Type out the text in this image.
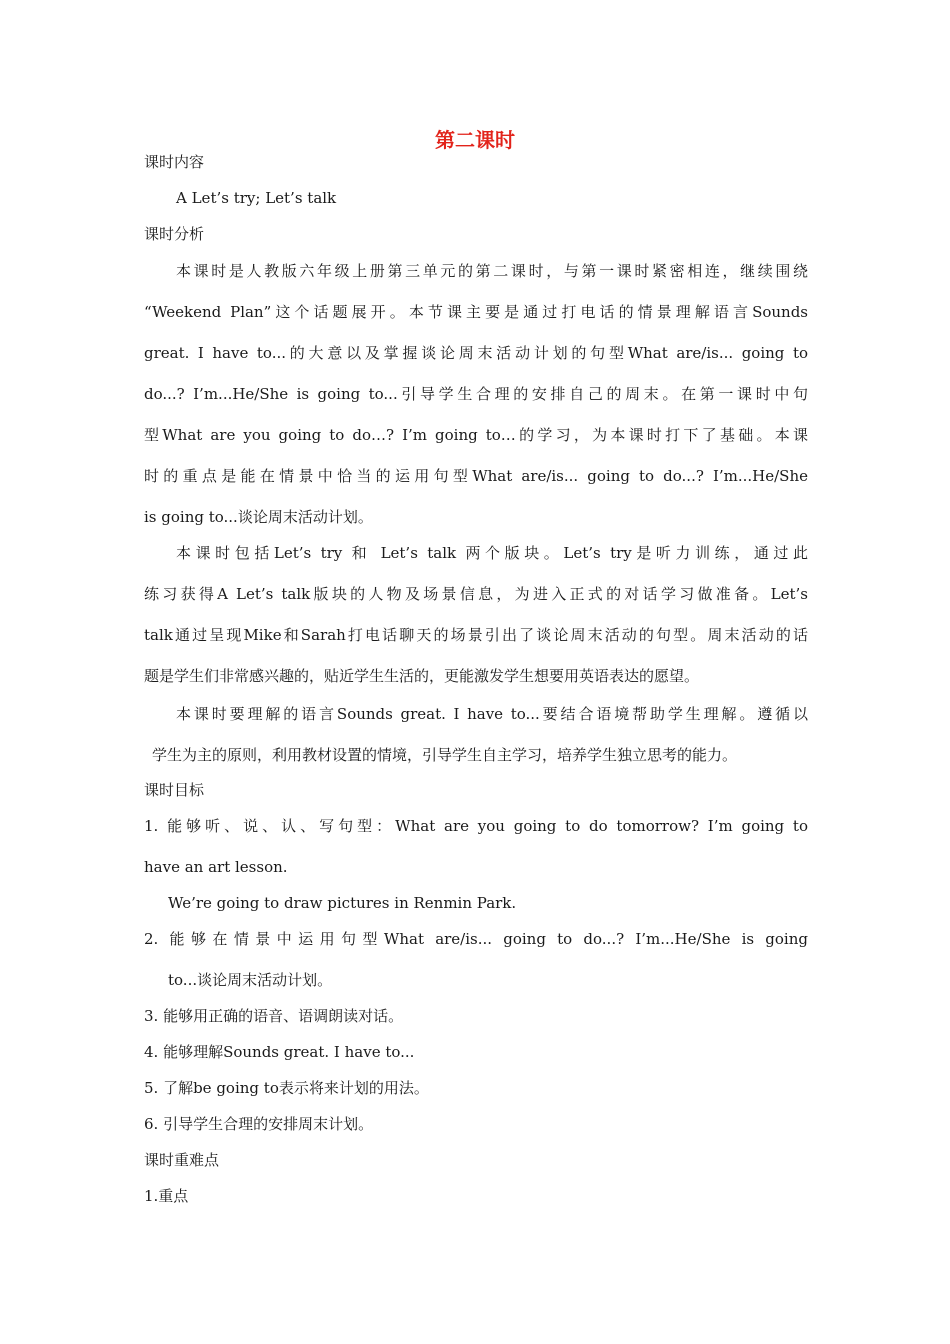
第二课时
课时内容
A Let’s try; Let’s talk
课时分析
本课时是人教版六年级上册第三单元的第二课时，与第一课时紧密相连，继续围绕
“Weekend Plan”这个话题展开。本节课主要是通过打电话的情景理解语言Sounds
great. I have to...的大意以及掌握谈论周末活动计划的句型What are/is... going to
do...? I’m...He/She is going to...引导学生合理的安排自己的周末。在第一课时中句
型What are you going to do…? I’m going to…的学习，为本课时打下了基础。本课
时的重点是能在情景中恰当的运用句型What are/is... going to do...? I’m...He/She
is going to...谈论周末活动计划。
本课时包括Let’s try 和 Let’s talk 两个版块。Let’s try是听力训练，通过此
练习获得A Let’s talk版块的人物及场景信息，为进入正式的对话学习做准备。Let’s
talk通过呈现Mike和Sarah打电话聊天的场景引出了谈论周末活动的句型。周末活动的话
题是学生们非常感兴趣的，贴近学生生活的，更能激发学生想要用英语表达的愿望。
本课时要理解的语言Sounds great. I have to...要结合语境帮助学生理解。遵循以
学生为主的原则，利用教材设置的情境，引导学生自主学习，培养学生独立思考的能力。
课时目标
1. 能够听、说、认、写句型：What are you going to do tomorrow? I’m going to
have an art lesson.
We’re going to draw pictures in Renmin Park.
2. 能够在情景中运用句型What are/is... going to do...? I’m...He/She is going
to...谈论周末活动计划。
3. 能够用正确的语音、语调朗读对话。
4. 能够理解Sounds great. I have to...
5. 了解be going to表示将来计划的用法。
6. 引导学生合理的安排周末计划。
课时重难点
1.重点
